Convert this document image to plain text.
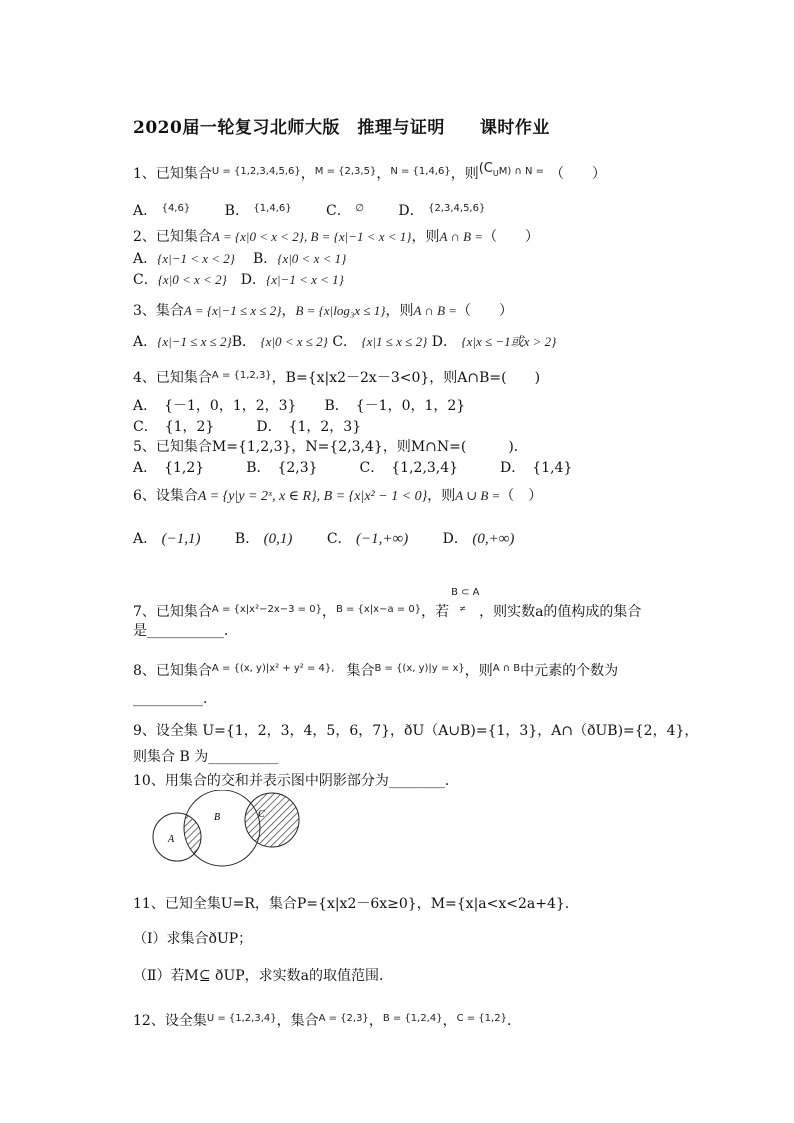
2020届一轮复习北师大版　推理与证明　　课时作业
1、已知集合$^{U = \{1,2,3,4,5,6\}}$，$^{M = \{2,3,5\}}$，$^{N = \{1,4,6\}}$，则($CU^{M) \cap N =}$ （　　）
A． $^{\{4,6\}}$ B． $^{\{1,4,6\}}$ C． ∅ D． $^{\{2,3,4,5,6\}}$
2、已知集合A = {x|0 < x < 2}, B = {x|−1 < x < 1}，则A ∩ B =（　　）
A．{x|−1 < x < 2} B．{x|0 < x < 1}
C．{x|0 < x < 2} D．{x|−1 < x < 1}
3、集合A = {x|−1 ≤ x ≤ 2}，B = {x|log₃x ≤ 1}，则A ∩ B =（　　）
A．{x|−1 ≤ x ≤ 2}B． {x|0 < x ≤ 2} C． {x|1 ≤ x ≤ 2} D． {x|x ≤ −1或x > 2}
4、已知集合$^{A = \{1,2,3\}}$，B={x|x2－2x－3<0}，则A∩B=(　　)
A．　{－1，0，1，2，3}　　B．　{－1，0，1，2}
C．　{1，2}　　　D．　{1，2，3}
5、已知集合M={1,2,3}，N={2,3,4}，则M∩N=(　　　)．
A．　{1,2}　　　B．　{2,3}　　　C．　{1,2,3,4}　　　D．　{1,4}
6、设集合A = {y|y = 2ˣ, x ∈ R}, B = {x|x² − 1 < 0}，则A ∪ B =（　）
A． (−1,1) B． (0,1) C． (−1,+∞) D． (0,+∞)
7、已知集合$^{A = \{x|x^2-2x-3 = 0\}}$，$^{B = \{x|x-a = 0\}}$，若
B ⊂ A
≠ ，则实数a的值构成的集合
是___________．
8、已知集合$^{A = \{(x, y)|x^2 + y^2 = 4\},}$ 集合$^{B = \{(x, y)|y = x\}}$，则$^{A \cap B}$中元素的个数为
__________．
9、设全集 U={1，2，3，4，5，6，7}，ðU（A∪B)={1，3}，A∩（ðUB)={2，4}，
则集合 B 为__________
10、用集合的交和并表示图中阴影部分为________．
A
B	C
11、已知全集U=R，集合P={x|x2－6x≥0}，M={x|a<x<2a+4}．
（Ⅰ）求集合ðUP；
（Ⅱ）若M⊆ ðUP，求实数a的取值范围．
12、设全集$^{U = \{1,2,3,4\}}$，集合$^{A = \{2,3\}}$，$^{B = \{1,2,4\}}$，$^{C = \{1,2\}}$．
